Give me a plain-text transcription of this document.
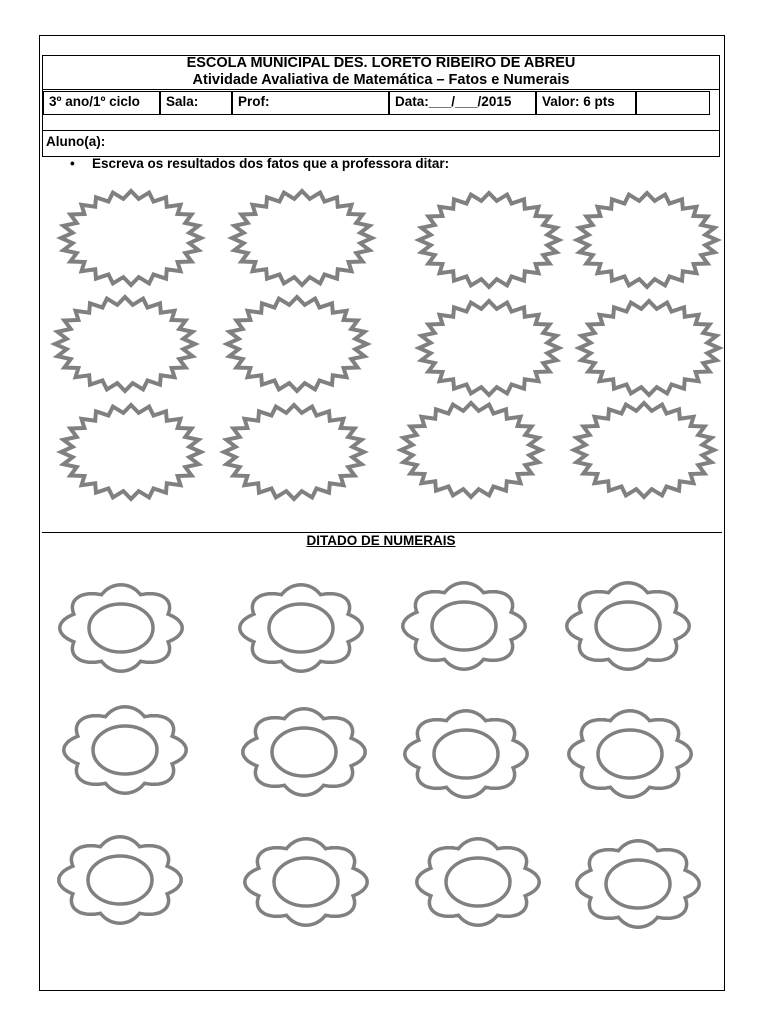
ESCOLA MUNICIPAL DES. LORETO RIBEIRO DE ABREU
Atividade Avaliativa de Matemática – Fatos e Numerais
3º ano/1º ciclo	Sala:	Prof:	Data:___/___/2015	Valor: 6 pts
Aluno(a):
• Escreva os resultados dos fatos que a professora ditar:
DITADO DE NUMERAIS
